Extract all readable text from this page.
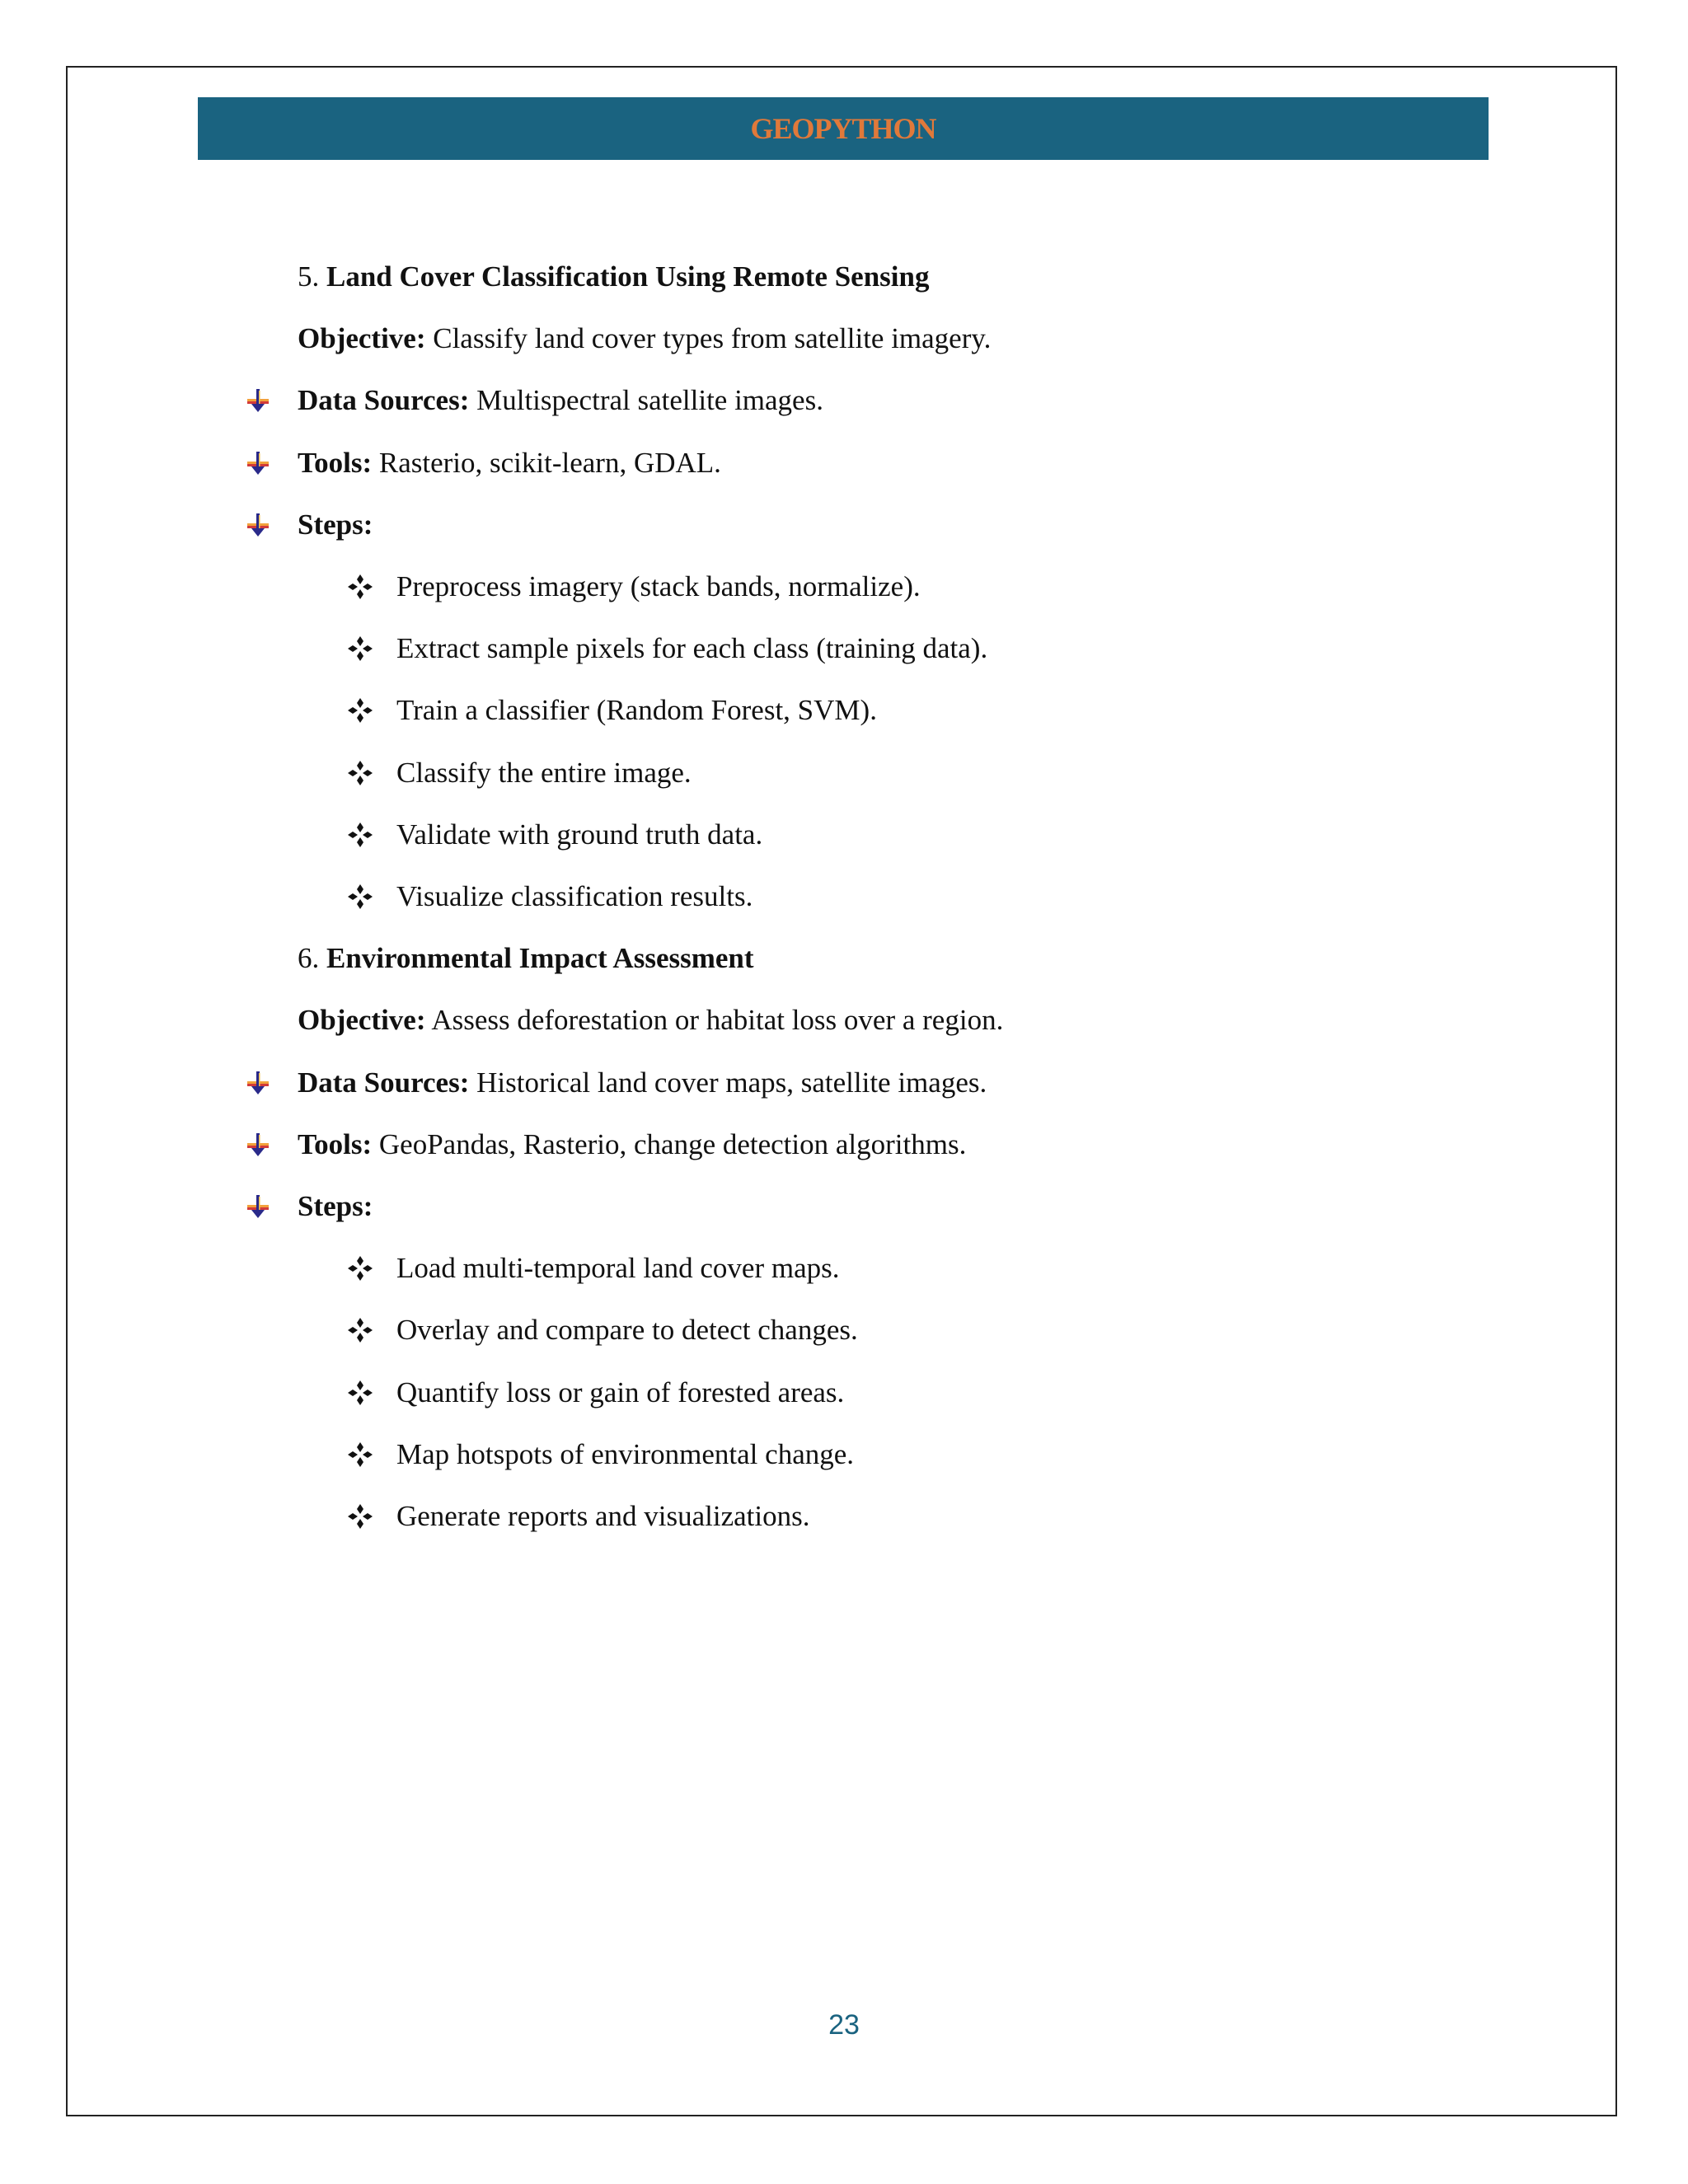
GEOPYTHON
5. Land Cover Classification Using Remote Sensing
Objective: Classify land cover types from satellite imagery.
Data Sources: Multispectral satellite images.
Tools: Rasterio, scikit-learn, GDAL.
Steps:
Preprocess imagery (stack bands, normalize).
Extract sample pixels for each class (training data).
Train a classifier (Random Forest, SVM).
Classify the entire image.
Validate with ground truth data.
Visualize classification results.
6. Environmental Impact Assessment
Objective: Assess deforestation or habitat loss over a region.
Data Sources: Historical land cover maps, satellite images.
Tools: GeoPandas, Rasterio, change detection algorithms.
Steps:
Load multi-temporal land cover maps.
Overlay and compare to detect changes.
Quantify loss or gain of forested areas.
Map hotspots of environmental change.
Generate reports and visualizations.
23
